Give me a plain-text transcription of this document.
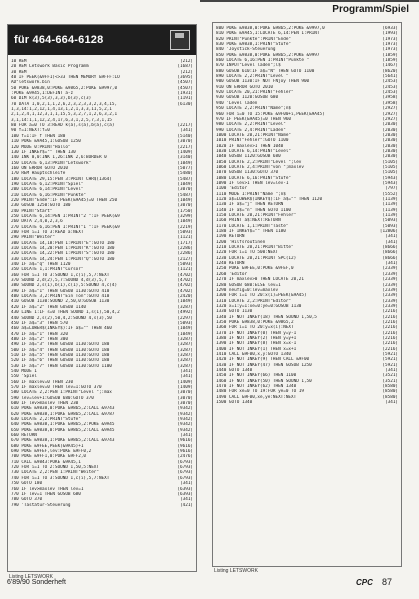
Programm/Spiel
für 464-664-6128
10 REM	[212]
20 REM Letswork Basic Programm	[1687]
30 REM	[212]
40 IF PEEK(&9FF1)<>33 THEN MEMORY &9FFF:LO	[3695]
AD"letswork.bin	[4507]
50 POKE &9838,0:POKE &9865,2:POKE &9997,0	[4507]
:POKE &9A45,1:DEFINT a-z	[1931]
60 DIM k(3),5(3),3,3),b(3),c(3)	[1191]
70 DATA 1,0,2,1,1,2,6,2,3,2,3,3,2,3,4,15,	[6130]
1,3,14:1,2,12,1,4,13,1,2,1,3,3,11,5,2,1
2,1,2,4,1,12,3,1,1,15,5,3,2,7,1,2,6,3,2,1
3,1,14:1,1,12,2,4,17,6,3,1,2,5,7,3,1,15
80 FOR a=0 TO 3:READ k(a),s(a),b(a),c(a)	[2217]
90 f=1:NEXT:f=0	[341]
100 f=1:IF f THEN 180	[5140]
110 POKE &9A45,1:GOSUB 1250	[3070]
120 MODE 0:PRINT"Hallo"	[2217]
130 IF INKEY$="" THEN 130	[1409]
140 INK 0,0:INK 1,26:INK 2,6:BORDER 0	[3140]
150 LOCATE 6,13:PRINT"Letswork"	[1049]
160 ON ERROR GOTO 2010	[5077]
170 REM Hauptschleife	[5480]
180 LOCATE 29,15:PEN 3:PRINT CHR$(1364)	[5487]
190 LOCATE 6,12:PRINT"Spiel"	[1049]
200 LOCATE 6,14:PRINT"Level"	[3070]
210 LOCATE 6,16:PRINT"Punkte"	[5487]
220 PRINT"Ende":IF PEEK(&9A45)=0 THEN 250	[1049]
230 GOSUB 1250:GOTO 180	[3070]
240 PRINT"Start"	[1750]
250 LOCATE 6,14:PEN 1:PRINT"2 ":IF PEEK(&9	[3299]
260 DATA 2,4,0,2,3,6	[1049]
270 LOCATE 6,16:PEN 1:PRINT"1 ":IF PEEK(&9	[2219]
280 FOR i=1 TO 3:READ a:NEXT	[5093]
290 PRINT"Weiter"	[1121]
300 LOCATE 14,18:PEN 1:PRINT"E":GOTO 180	[1717]
310 LOCATE 14,20:PEN 1:PRINT"K":GOTO 180	[2286]
320 LOCATE 14,22:PEN 1:PRINT"S":GOTO 180	[2286]
330 LOCATE 14,24:PEN 1:PRINT"Q":GOTO 180	[2127]
340 IF a$="q" THEN 1120	[5093]
350 LOCATE 1,1:PRINT"Cursor"	[1121]
360 FOR i=1 TO 3:SOUND 1,c(i),5,7:NEXT	[4702]
370 SOUND 2,d(2),5,7:SOUND 4,d(3),5,7	[4702]
380 SOUND 2,s(1),b(1),c(1),5:SOUND 4,c(4)	[4702]
390 IF a$="1" THEN GOSUB 1130:GOTO 410	[4702]
400 LOCATE 3,2:PRINT"Ein Ton":GOTO 410	[2420]
410 GOSUB 1130:SOUND 2,50,0:GOSUB 1130	[1049]
420 IF a$="2" THEN GOSUB 1140	[3287]
430 LINE 1:IF s=0 THEN SOUND 1,s(1),50,4,2	[4992]
440 SOUND 2,s(2),50,4,2:SOUND 4,s(3),50	[2297]
450 IF a$="3" THEN 570	[5093]
460 a$=LOWER$(INKEY$):IF a$="" THEN 460	[1049]
470 IF a$="1" THEN 320	[1049]
480 IF a$="2" THEN 300	[3287]
490 IF a$="3" THEN GOSUB 1130:GOTO 180	[3287]
500 IF a$="4" THEN GOSUB 1130:GOTO 180	[3287]
510 IF a$="5" THEN GOSUB 1130:GOTO 180	[3287]
520 IF a$="6" THEN GOSUB 1130:GOTO 180	[3287]
530 IF a$="7" THEN GOSUB 1130:GOTO 1100	[3287]
540 MODE 1	[341]
550 'Spiel	[341]
560 IF maxlev=0 THEN 230	[1409]
570 IF maxlev=0 THEN lev=1:GOTO 370	[1409]
580 LOCATE 2,2:PEN 1:PRINT"Level ";:max	[3070]
590 lev=lev+1:GOSUB 680:GOTO 370	[3070]
600 IF lev>maxlev THEN 230	[3070]
610 POKE &9838,0:POKE &9865,2:CALL &9743	[9342]
620 POKE &9838,1:POKE &9865,2:CALL &9787	[9342]
630 LOCATE 2,2:PRINT"Stufe"	[9342]
640 POKE &9838,1:POKE &9865,2:POKE &9A45	[9342]
650 POKE &9838,0:POKE &9865,2:CALL &9A45	[9342]
660 RETURN	[341]
670 POKE &9838,1:POKE &9865,2:CALL &9743	[9616]
680 POKE &9FEE,PEEK(&9A45)+1	[9616]
690 POKE &9FEF,lev:POKE &9FF0,2	[9616]
700 POKE &9FF1,0:POKE &9FF2,0	[2476]
710 CALL &9843:POKE &9A45,1	[6793]
720 FOR i=1 TO 2:SOUND 1,50,5:NEXT	[6793]
730 LOCATE 2,2:PEN 1:PRINT"Weiter"	[6793]
740 FOR i=1 TO 3:SOUND 1,c(i),5,7:NEXT	[6793]
750 GOTO 180	[341]
760 IF lev>maxlev THEN lev=1	[6393]
770 IF lev=1 THEN GOSUB 680	[6393]
780 GOTO 370	[341]
790 'Tastatur-Steuerung	[421]
Listing LETSWORK
800 POKE &9838,0:POKE &9865,2:POKE &9997,0	[6933]
810 POKE &9A45,1:LOCATE 6,14:PEN 1:PRINT	[1993]
820 PRINT"Punkte":PRINT"Ende"	[1973]
830 POKE &9838,1:PRINT"Stufe"	[1973]
840 'Joystick-Steuerung	[1973]
850 POKE &9838,0:POKE &9865,2:POKE &9997	[1859]
860 LOCATE 6,16:PEN 1:PRINT"Punkte "	[1859]
870 INPUT"Level laden";l$	[1467]
880 GOSUB 610:IF a$="N" THEN GOTO 1100	[8620]
890 LOCATE 2,2:PRINT"Level "	[5641]
900 GOSUB 1130:IF NOT FNjoy THEN 900	[2453]
910 ON ERROR GOTO 2010	[2453]
920 LOCATE 20,21:PRINT"Fehler"	[2453]
930 GOSUB 1120:GOSUB 680	[3958]
940 'Level laden	[3958]
950 LOCATE 2,2:PRINT"Name";n$	[2927]
960 FOR i=0 TO 15:POKE &9F00+i,PEEK(&9A45)	[2927]
970 IF PEEK(&9A45)=0 THEN 960	[2927]
980 LOCATE 2,2:PRINT"Level"	[2030]
990 LOCATE 2,4:PRINT"Laden"	[2030]
1000 LOCATE 20,21:PRINT"Name"	[2030]
1010 PRINT"Fehler":GOTO 1100	[2030]
1020 IF maxlev>1 THEN 1040	[2030]
1030 LOCATE 6,14:PRINT"Level"	[2030]
1040 GOSUB 1120:GOSUB 680	[2030]
1050 LOCATE 2,2:PRINT"Level ";lev	[5105]
1060 LOCATE 2,4:PRINT"von ";maxlev	[5105]
1070 GOSUB 1130:GOTO 370	[5105]
1080 LOCATE 6,16:PRINT"Stufe"	[5943]
1090 IF lev>1 THEN lev=lev-1	[5943]
1100 'Editor	[797]
1110 MODE 1:PRINT"Name ";n$	[5552]
1120 a$=LOWER$(INKEY$):IF a$="" THEN 1120	[1139]
1130 IF a$="j" THEN RETURN	[1139]
1140 IF a$="n" THEN GOTO 1100	[1139]
1150 LOCATE 20,21:PRINT"Fehler"	[1139]
1160 PRINT a$:NEXT:RETURN	[5093]
1170 LOCATE 1,1:PRINT"Taste"	[5093]
1180 IF INKEY$="" THEN 1180	[12806]
1190 RETURN	[341]
1200 'Hilfsroutinen	[341]
1210 LOCATE 20,21:PRINT"Bitte"	[8666]
1220 FOR i=1 TO 500:NEXT	[8666]
1230 LOCATE 20,21:PRINT SPC(12)	[8666]
1240 RETURN	[341]
1250 POKE &9FEE,0:POKE &9FEF,0	[2339]
1260 'Editor	[2339]
1270 IF maxlev>0 THEN LOCATE 20,21	[2339]
1280 GOSUB 680:ELSE lev=1	[2339]
1290 neufig=0:lev=maxlev	[2339]
1300 FOR i=1 TO 20:x(i)=PEEK(&9A45)	[2339]
1310 LOCATE 2,2:PRINT"Editor"	[2339]
1320 x=1:y=1:xe=0:ye=0:GOSUB 1130	[2339]
1330 GOTO 1130	[2216]
1340 IF NOT INKEY(18) THEN SOUND 1,50,5	[2216]
1350 POKE &9838,0:POKE &9865,2	[2216]
1360 FOR i=1 TO 20:y=x(i):NEXT	[2216]
1370 IF NOT INKEY(0) THEN y=y-1	[2216]
1380 IF NOT INKEY(2) THEN y=y+1	[2216]
1390 IF NOT INKEY(8) THEN x=x-1	[2216]
1400 IF NOT INKEY(1) THEN x=x+1	[2216]
1410 CALL &9F00,x,y:GOTO 1340	[5921]
1420 IF NOT INKEY(9) THEN CALL &9F00	[5921]
1430 IF NOT INKEY(47) THEN GOSUB 1250	[5921]
1440 GOTO 1340	[341]
1450 IF NOT INKEY(66) THEN 1100	[3521]
1460 IF NOT INKEY(50) THEN SOUND 1,50	[3521]
1470 IF NOT INKEY(62) THEN 1340	[8580]
1480 FOR xe=0 TO 19:FOR ye=0 TO 19	[8580]
1490 CALL &9F00,xe,ye:NEXT:NEXT	[8580]
1500 GOTO 1340	[341]
Listing LETSWORK
6'89/90 Sonderheft	CPC 87
